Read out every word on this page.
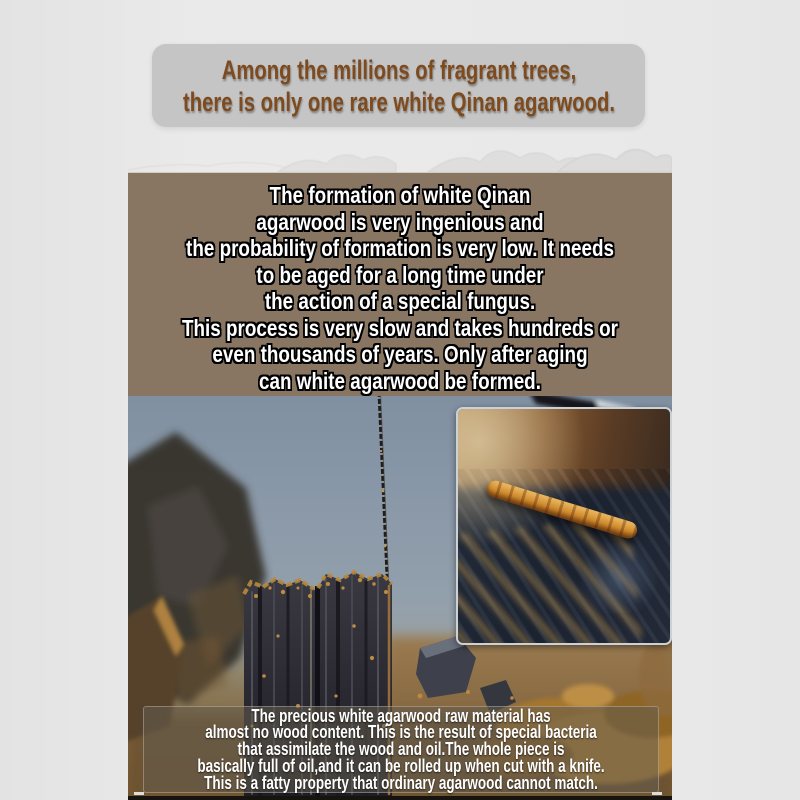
Among the millions of fragrant trees,
there is only one rare white Qinan agarwood.
The formation of white Qinan
agarwood is very ingenious and
the probability of formation is very low. It needs
to be aged for a long time under
the action of a special fungus.
This process is very slow and takes hundreds or
even thousands of years. Only after aging
can white agarwood be formed.
The precious white agarwood raw material has
almost no wood content. This is the result of special bacteria
that assimilate the wood and oil.The whole piece is
basically full of oil,and it can be rolled up when cut with a knife.
This is a fatty property that ordinary agarwood cannot match.
